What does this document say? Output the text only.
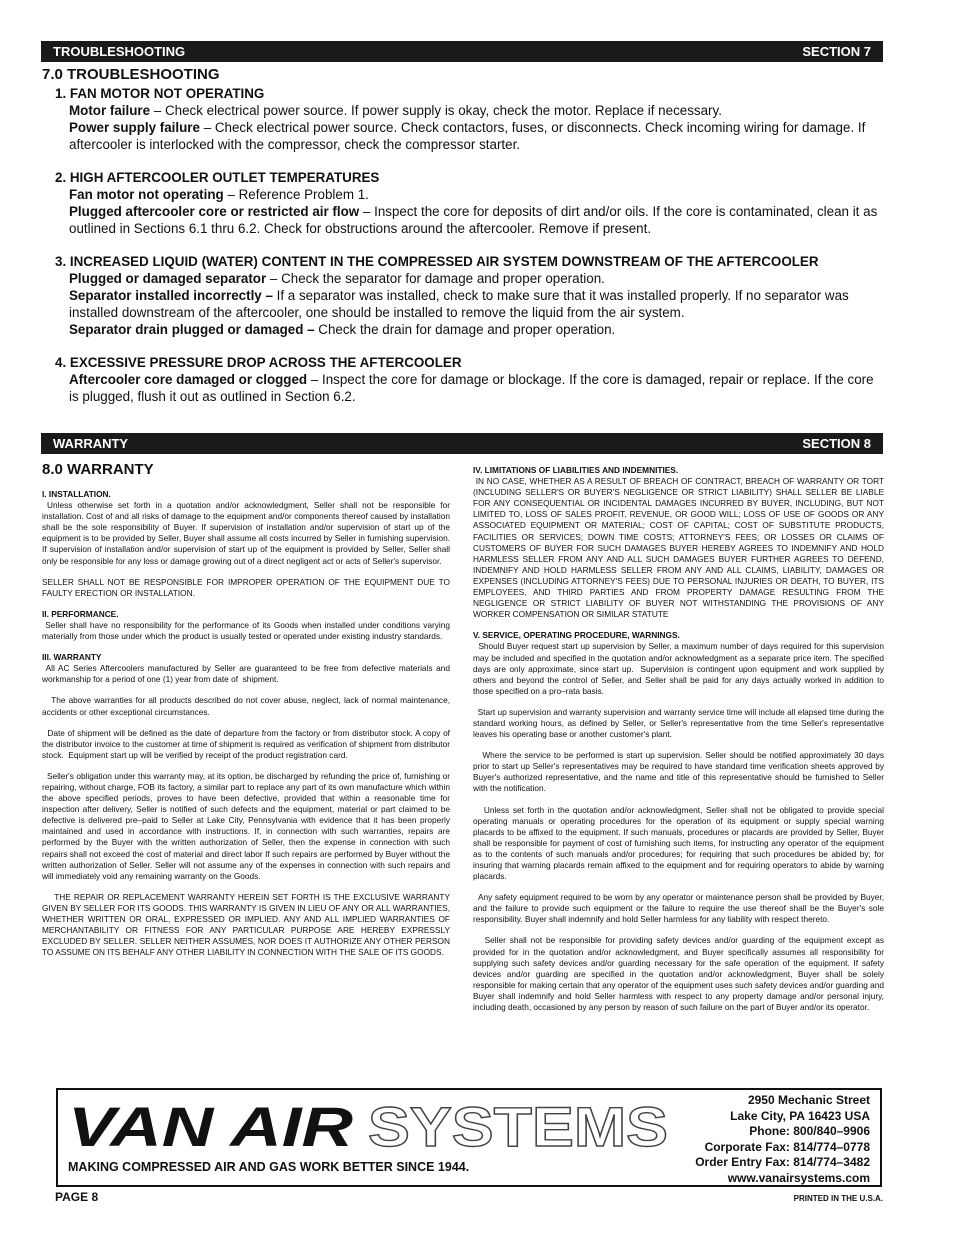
TROUBLESHOOTING	SECTION 7
7.0 TROUBLESHOOTING
1. FAN MOTOR NOT OPERATING
Motor failure – Check electrical power source. If power supply is okay, check the motor. Replace if necessary.
Power supply failure – Check electrical power source. Check contactors, fuses, or disconnects. Check incoming wiring for damage. If aftercooler is interlocked with the compressor, check the compressor starter.
2. HIGH AFTERCOOLER OUTLET TEMPERATURES
Fan motor not operating – Reference Problem 1.
Plugged aftercooler core or restricted air flow – Inspect the core for deposits of dirt and/or oils. If the core is contaminated, clean it as outlined in Sections 6.1 thru 6.2. Check for obstructions around the aftercooler. Remove if present.
3. INCREASED LIQUID (WATER) CONTENT IN THE COMPRESSED AIR SYSTEM DOWNSTREAM OF THE AFTERCOOLER
Plugged or damaged separator – Check the separator for damage and proper operation.
Separator installed incorrectly – If a separator was installed, check to make sure that it was installed properly. If no separator was installed downstream of the aftercooler, one should be installed to remove the liquid from the air system.
Separator drain plugged or damaged – Check the drain for damage and proper operation.
4. EXCESSIVE PRESSURE DROP ACROSS THE AFTERCOOLER
Aftercooler core damaged or clogged – Inspect the core for damage or blockage. If the core is damaged, repair or replace. If the core is plugged, flush it out as outlined in Section 6.2.
WARRANTY	SECTION 8
8.0 WARRANTY
I. INSTALLATION.
Unless otherwise set forth in a quotation and/or acknowledgment, Seller shall not be responsible for installation. Cost of and all risks of damage to the equipment and/or components thereof caused by installation shall be the sole responsibility of Buyer. If supervision of installation and/or supervision of start up of the equipment is to be provided by Seller, Buyer shall assume all costs incurred by Seller in furnishing supervision. If supervision of installation and/or supervision of start up of the equipment is provided by Seller, Seller shall only be responsible for any loss or damage growing out of a direct negligent act or acts of Seller's supervisor.
SELLER SHALL NOT BE RESPONSIBLE FOR IMPROPER OPERATION OF THE EQUIPMENT DUE TO FAULTY ERECTION OR INSTALLATION.
II. PERFORMANCE.
Seller shall have no responsibility for the performance of its Goods when installed under conditions varying materially from those under which the product is usually tested or operated under existing industry standards.
III. WARRANTY
All AC Series Aftercoolers manufactured by Seller are guaranteed to be free from defective materials and workmanship for a period of one (1) year from date of  shipment.
The above warranties for all products described do not cover abuse, neglect, lack of normal maintenance, accidents or other exceptional circumstances.
Date of shipment will be defined as the date of departure from the factory or from distributor stock. A copy of the distributor invoice to the customer at time of shipment is required as verification of shipment from distributor stock.  Equipment start up will be verified by receipt of the product registration card.
Seller's obligation under this warranty may, at its option, be discharged by refunding the price of, furnishing or repairing, without charge, FOB its factory, a similar part to replace any part of its own manufacture which within the above specified periods, proves to have been defective, provided that within a reasonable time for inspection after delivery, Seller is notified of such defects and the equipment, material or part claimed to be defective is delivered pre–paid to Seller at Lake City, Pennsylvania with evidence that it has been properly maintained and used in accordance with instructions. If, in connection with such warranties, repairs are performed by the Buyer with the written authorization of Seller, then the expense in connection with such repairs shall not exceed the cost of material and direct labor If such repairs are performed by Buyer without the written authorization of Seller. Seller will not assume any of the expenses in connection with such repairs and will immediately void any remaining warranty on the Goods.
THE REPAIR OR REPLACEMENT WARRANTY HEREIN SET FORTH IS THE EXCLUSIVE WARRANTY GIVEN BY SELLER FOR ITS GOODS. THIS WARRANTY IS GIVEN IN LIEU OF ANY OR ALL WARRANTIES, WHETHER WRITTEN OR ORAL, EXPRESSED OR IMPLIED. ANY AND ALL IMPLIED WARRANTIES OF MERCHANTABILITY OR FITNESS FOR ANY PARTICULAR PURPOSE ARE HEREBY EXPRESSLY EXCLUDED BY SELLER. SELLER NEITHER ASSUMES, NOR DOES IT AUTHORIZE ANY OTHER PERSON TO ASSUME ON ITS BEHALF ANY OTHER LIABILITY IN CONNECTION WITH THE SALE OF ITS GOODS.
IV. LIMITATIONS OF LIABILITIES AND INDEMNITIES.
IN NO CASE, WHETHER AS A RESULT OF BREACH OF CONTRACT, BREACH OF WARRANTY OR TORT (INCLUDING SELLER'S OR BUYER'S NEGLIGENCE OR STRICT LIABILITY) SHALL SELLER BE LIABLE FOR ANY CONSEQUENTIAL OR INCIDENTAL DAMAGES INCURRED BY BUYER, INCLUDING, BUT NOT LIMITED TO, LOSS OF SALES PROFIT, REVENUE, OR GOOD WILL; LOSS OF USE OF GOODS OR ANY ASSOCIATED EQUIPMENT OR MATERIAL; COST OF CAPITAL; COST OF SUBSTITUTE PRODUCTS, FACILITIES OR SERVICES; DOWN TIME COSTS; ATTORNEY'S FEES; OR LOSSES OR CLAIMS OF CUSTOMERS OF BUYER FOR SUCH DAMAGES BUYER HEREBY AGREES TO INDEMNIFY AND HOLD HARMLESS SELLER FROM ANY AND ALL SUCH DAMAGES BUYER FURTHER AGREES TO DEFEND, INDEMNIFY AND HOLD HARMLESS SELLER FROM ANY AND ALL CLAIMS, LIABILITY, DAMAGES OR EXPENSES (INCLUDING ATTORNEY'S FEES) DUE TO PERSONAL INJURIES OR DEATH, TO BUYER, ITS EMPLOYEES, AND THIRD PARTIES AND FROM PROPERTY DAMAGE RESULTING FROM THE NEGLIGENCE OR STRICT LIABILITY OF BUYER NOT WITHSTANDING THE PROVISIONS OF ANY WORKER COMPENSATION OR SIMILAR STATUTE
V. SERVICE, OPERATING PROCEDURE, WARNINGS.
Should Buyer request start up supervision by Seller, a maximum number of days required for this supervision may be included and specified in the quotation and/or acknowledgment as a separate price item. The specified days are only approximate, since start up.  Supervision is contingent upon equipment and work supplied by others and beyond the control of Seller, and Seller shall be paid for any days actually worked in addition to those specified on a pro–rata basis.
Start up supervision and warranty supervision and warranty service time will include all elapsed time during the standard working hours, as defined by Seller, or Seller's representative from the time Seller's representative leaves his operating base or another customer's plant.
Where the service to be performed is start up supervision. Seller should be notified approximately 30 days prior to start up Seller's representatives may be required to have standard time verification sheets approved by Buyer's authorized representative, and the name and title of this representative should be furnished to Seller with the notification.
Unless set forth in the quotation and/or acknowledgment, Seller shall not be obligated to provide special operating manuals or operating procedures for the operation of its equipment or supply special warning placards to be affixed to the equipment. If such manuals, procedures or placards are provided by Seller, Buyer shall be responsible for payment of cost of furnishing such items, for instructing any operator of the equipment as to the contents of such manuals and/or procedures; for requiring that such procedures be abided by; for insuring that warning placards remain affixed to the equipment and for requiring operators to abide by warning placards.
Any safety equipment required to be worn by any operator or maintenance person shall be provided by Buyer, and the failure to provide such equipment or the failure to require the use thereof shall be the Buyer's sole responsibility. Buyer shall indemnify and hold Seller harmless for any liability with respect thereto.
Seller shall not be responsible for providing safety devices and/or guarding of the equipment except as provided for in the quotation and/or acknowledgment, and Buyer specifically assumes all responsibility for supplying such safety devices and/or guarding necessary for the safe operation of the equipment. If safety devices and/or guarding are specified in the quotation and/or acknowledgment, Buyer shall be solely responsible for making certain that any operator of the equipment uses such safety devices and/or guarding and Buyer shall indemnify and hold Seller harmless with respect to any property damage and/or personal injury, including death, occasioned by any person by reason of such failure on the part of Buyer and/or its operator.
VAN AIR SYSTEMS
MAKING COMPRESSED AIR AND GAS WORK BETTER SINCE 1944.
2950 Mechanic Street
Lake City, PA 16423 USA
Phone: 800/840–9906
Corporate Fax: 814/774–0778
Order Entry Fax: 814/774–3482
www.vanairsystems.com
PAGE 8	PRINTED IN THE U.S.A.
